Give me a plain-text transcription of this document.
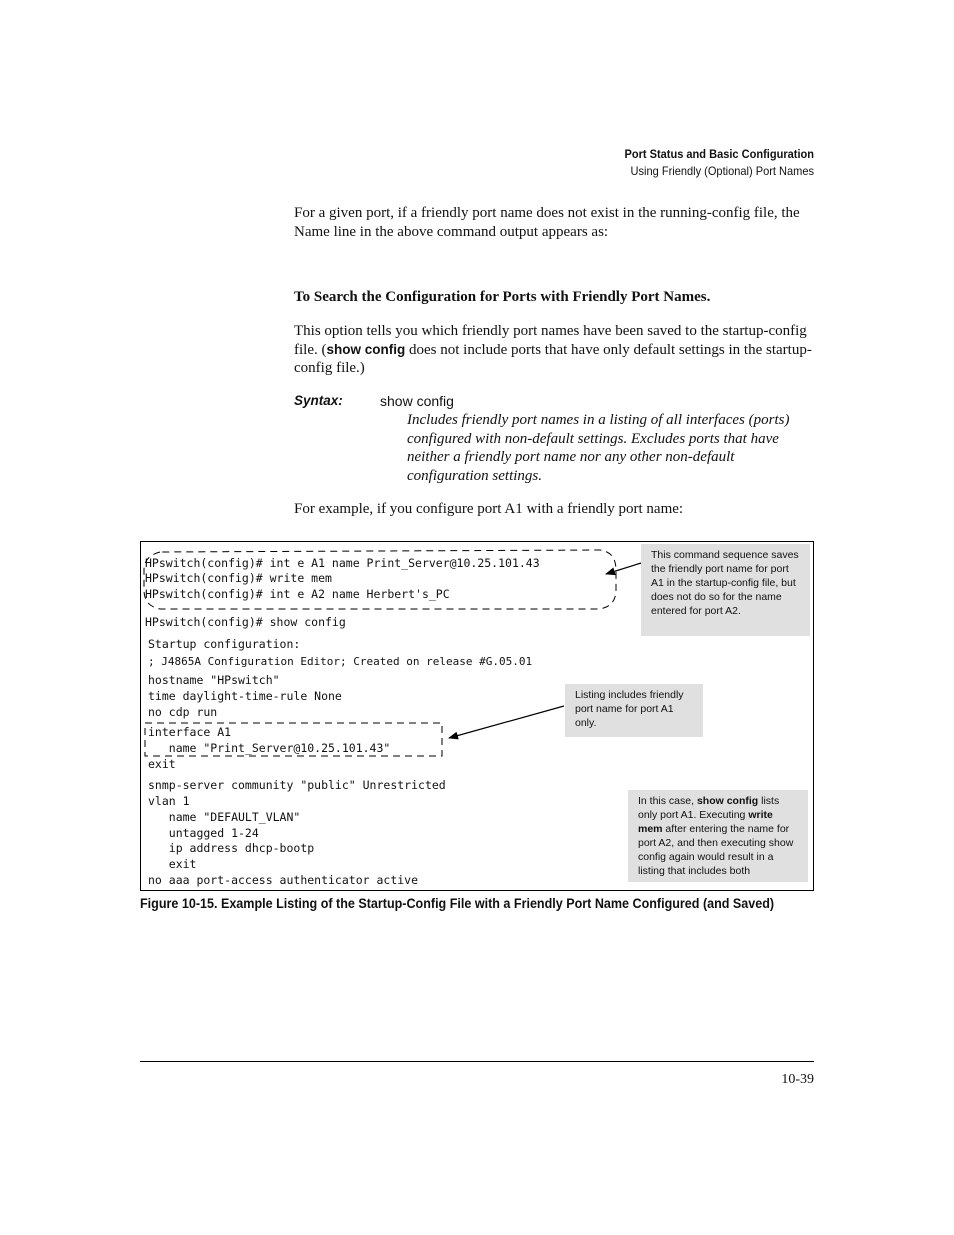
Port Status and Basic Configuration
Using Friendly (Optional) Port Names
For a given port, if a friendly port name does not exist in the running-config file, the Name line in the above command output appears as:
To Search the Configuration for Ports with Friendly Port Names.
This option tells you which friendly port names have been saved to the startup-config file. (show config does not include ports that have only default settings in the startup-config file.)
Syntax:	show config
Includes friendly port names in a listing of all interfaces (ports) configured with non-default settings. Excludes ports that have neither a friendly port name nor any other non-default configuration settings.
For example, if you configure port A1 with a friendly port name:
HPswitch(config)# int e A1 name Print_Server@10.25.101.43
HPswitch(config)# write mem
HPswitch(config)# int e A2 name Herbert's_PC
HPswitch(config)# show config
Startup configuration:
; J4865A Configuration Editor; Created on release #G.05.01
hostname "HPswitch"
time daylight-time-rule None
no cdp run
interface A1
name "Print_Server@10.25.101.43"
exit
snmp-server community "public" Unrestricted
vlan 1
name "DEFAULT_VLAN"
untagged 1-24
ip address dhcp-bootp
exit
no aaa port-access authenticator active
This command sequence saves the friendly port name for port A1 in the startup-config file, but does not do so for the name entered for port A2.
Listing includes friendly port name for port A1 only.
In this case, show config lists only port A1. Executing write mem after entering the name for port A2, and then executing show config again would result in a listing that includes both
Figure 10-15. Example Listing of the Startup-Config File with a Friendly Port Name Configured (and Saved)
10-39
